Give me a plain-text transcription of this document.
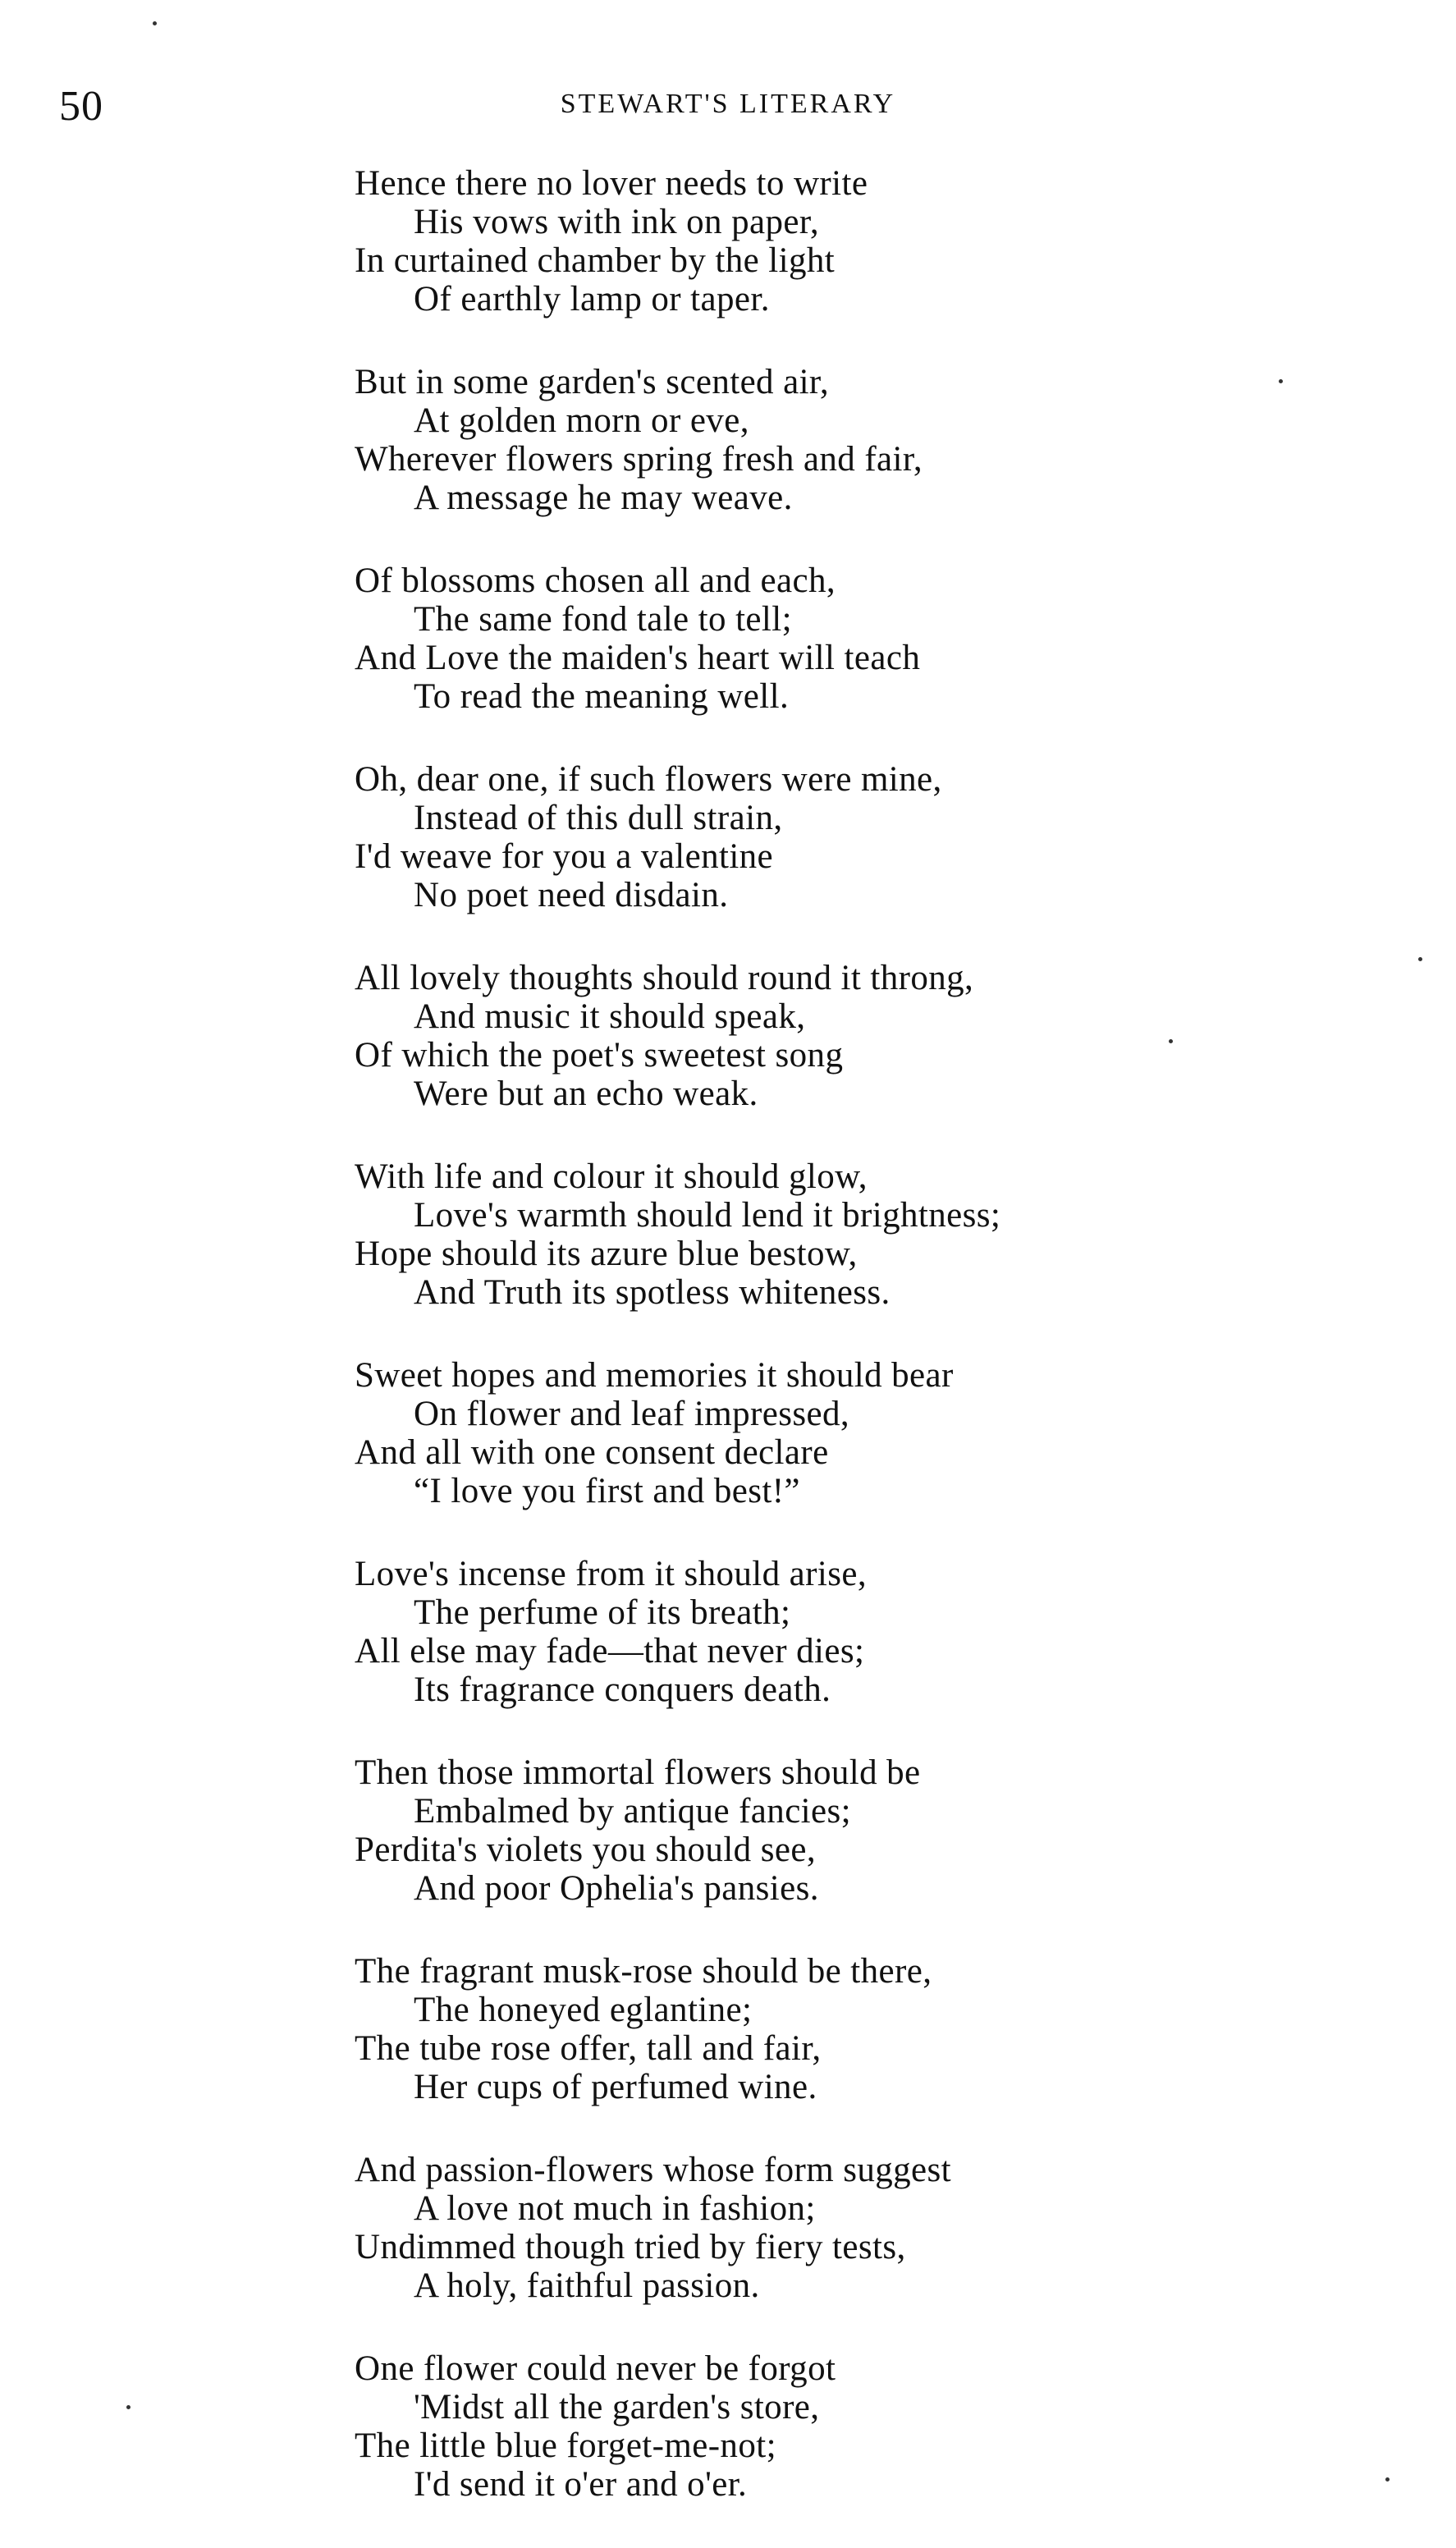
50	STEWART'S LITERARY
Hence there no lover needs to write
His vows with ink on paper,
In curtained chamber by the light
Of earthly lamp or taper.
But in some garden's scented air,
At golden morn or eve,
Wherever flowers spring fresh and fair,
A message he may weave.
Of blossoms chosen all and each,
The same fond tale to tell;
And Love the maiden's heart will teach
To read the meaning well.
Oh, dear one, if such flowers were mine,
Instead of this dull strain,
I'd weave for you a valentine
No poet need disdain.
All lovely thoughts should round it throng,
And music it should speak,
Of which the poet's sweetest song
Were but an echo weak.
With life and colour it should glow,
Love's warmth should lend it brightness;
Hope should its azure blue bestow,
And Truth its spotless whiteness.
Sweet hopes and memories it should bear
On flower and leaf impressed,
And all with one consent declare
“I love you first and best!”
Love's incense from it should arise,
The perfume of its breath;
All else may fade—that never dies;
Its fragrance conquers death.
Then those immortal flowers should be
Embalmed by antique fancies;
Perdita's violets you should see,
And poor Ophelia's pansies.
The fragrant musk-rose should be there,
The honeyed eglantine;
The tube rose offer, tall and fair,
Her cups of perfumed wine.
And passion-flowers whose form suggest
A love not much in fashion;
Undimmed though tried by fiery tests,
A holy, faithful passion.
One flower could never be forgot
'Midst all the garden's store,
The little blue forget-me-not;
I'd send it o'er and o'er.
